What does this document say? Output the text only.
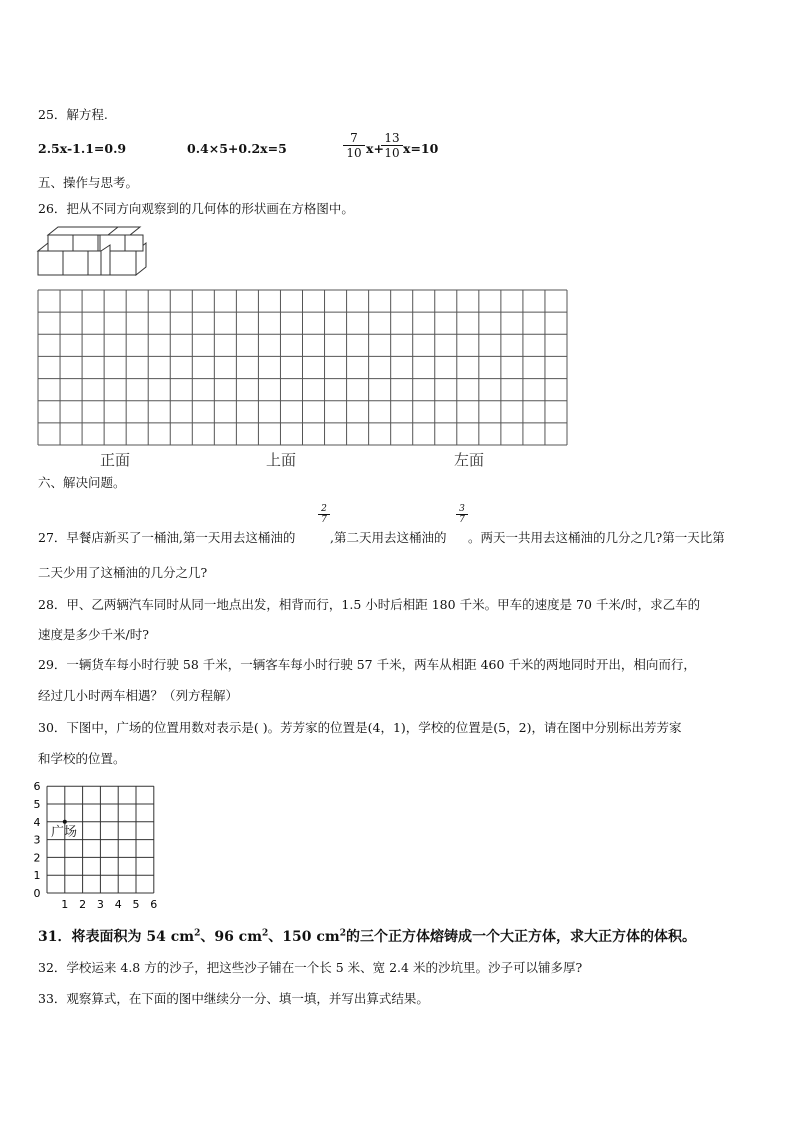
25．解方程.
2.5x-1.1=0.9	0.4×5+0.2x=5	$\frac{7}{10} x+$
$\frac{13}{10} x=10$
五、操作与思考。
26．把从不同方向观察到的几何体的形状画在方格图中。
正面	上面	左面
六、解决问题。
27．早餐店新买了一桶油,第一天用去这桶油的
$\frac{2}{7}$
,第二天用去这桶油的
$\frac{3}{7}$
。两天一共用去这桶油的几分之几?第一天比第
二天少用了这桶油的几分之几?
28．甲、乙两辆汽车同时从同一地点出发，相背而行，1.5 小时后相距 180 千米。甲车的速度是 70 千米/时，求乙车的
速度是多少千米/时?
29．一辆货车每小时行驶 58 千米，一辆客车每小时行驶 57 千米，两车从相距 460 千米的两地同时开出，相向而行，
经过几小时两车相遇？（列方程解）
30．下图中，广场的位置用数对表示是( )。芳芳家的位置是(4，1)，学校的位置是(5，2)，请在图中分别标出芳芳家
和学校的位置。
6
5
4
3
2
1
0
1 2 3 4 5 6
广场
31．将表面积为 54 $cm^2$、96 $cm^2$、150 $cm^2$的三个正方体熔铸成一个大正方体，求大正方体的体积。
32．学校运来 4.8 方的沙子，把这些沙子铺在一个长 5 米、宽 2.4 米的沙坑里。沙子可以铺多厚?
33．观察算式，在下面的图中继续分一分、填一填，并写出算式结果。
